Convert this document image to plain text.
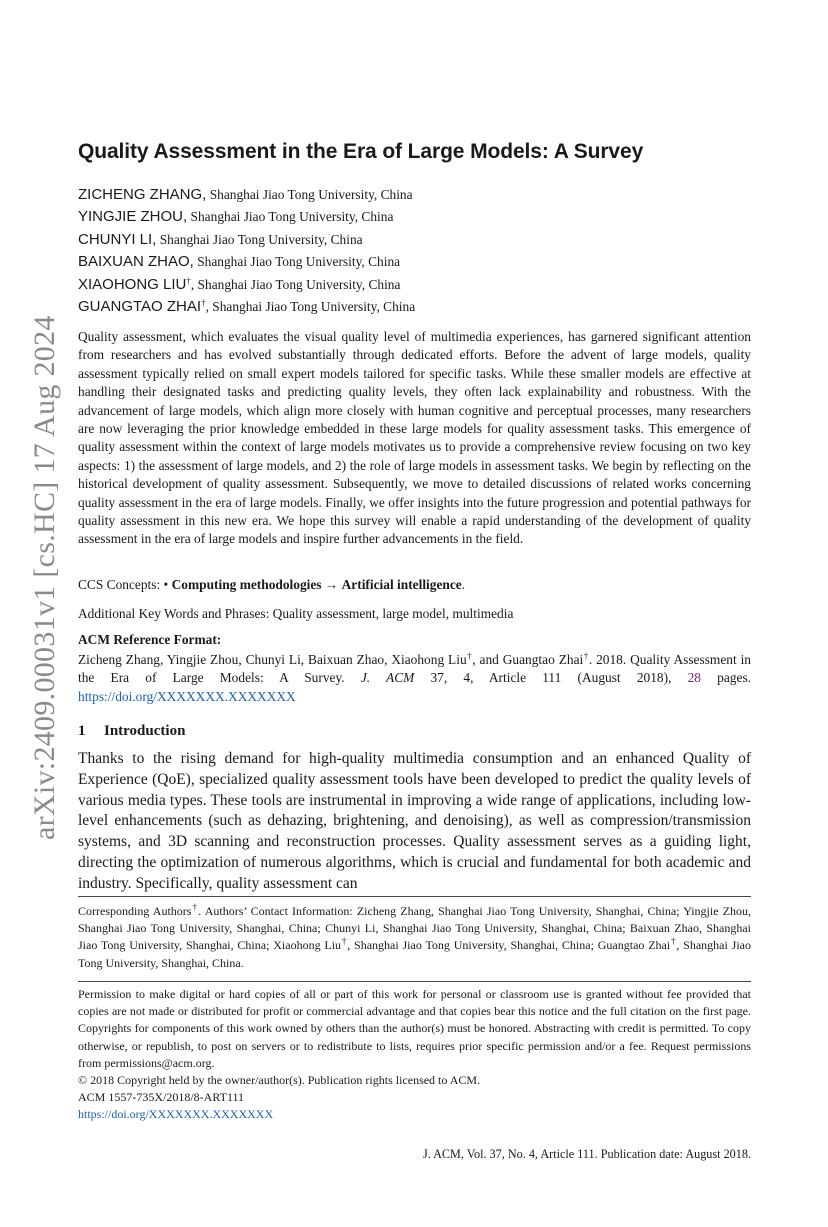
arXiv:2409.00031v1 [cs.HC] 17 Aug 2024
Quality Assessment in the Era of Large Models: A Survey
ZICHENG ZHANG, Shanghai Jiao Tong University, China
YINGJIE ZHOU, Shanghai Jiao Tong University, China
CHUNYI LI, Shanghai Jiao Tong University, China
BAIXUAN ZHAO, Shanghai Jiao Tong University, China
XIAOHONG LIU†, Shanghai Jiao Tong University, China
GUANGTAO ZHAI†, Shanghai Jiao Tong University, China
Quality assessment, which evaluates the visual quality level of multimedia experiences, has garnered significant attention from researchers and has evolved substantially through dedicated efforts. Before the advent of large models, quality assessment typically relied on small expert models tailored for specific tasks. While these smaller models are effective at handling their designated tasks and predicting quality levels, they often lack explainability and robustness. With the advancement of large models, which align more closely with human cognitive and perceptual processes, many researchers are now leveraging the prior knowledge embedded in these large models for quality assessment tasks. This emergence of quality assessment within the context of large models motivates us to provide a comprehensive review focusing on two key aspects: 1) the assessment of large models, and 2) the role of large models in assessment tasks. We begin by reflecting on the historical development of quality assessment. Subsequently, we move to detailed discussions of related works concerning quality assessment in the era of large models. Finally, we offer insights into the future progression and potential pathways for quality assessment in this new era. We hope this survey will enable a rapid understanding of the development of quality assessment in the era of large models and inspire further advancements in the field.
CCS Concepts: • Computing methodologies → Artificial intelligence.
Additional Key Words and Phrases: Quality assessment, large model, multimedia
ACM Reference Format:
Zicheng Zhang, Yingjie Zhou, Chunyi Li, Baixuan Zhao, Xiaohong Liu†, and Guangtao Zhai†. 2018. Quality Assessment in the Era of Large Models: A Survey. J. ACM 37, 4, Article 111 (August 2018), 28 pages. https://doi.org/XXXXXXX.XXXXXXX
1 Introduction
Thanks to the rising demand for high-quality multimedia consumption and an enhanced Quality of Experience (QoE), specialized quality assessment tools have been developed to predict the quality levels of various media types. These tools are instrumental in improving a wide range of applications, including low-level enhancements (such as dehazing, brightening, and denoising), as well as compression/transmission systems, and 3D scanning and reconstruction processes. Quality assessment serves as a guiding light, directing the optimization of numerous algorithms, which is crucial and fundamental for both academic and industry. Specifically, quality assessment can
Corresponding Authors†. Authors’ Contact Information: Zicheng Zhang, Shanghai Jiao Tong University, Shanghai, China; Yingjie Zhou, Shanghai Jiao Tong University, Shanghai, China; Chunyi Li, Shanghai Jiao Tong University, Shanghai, China; Baixuan Zhao, Shanghai Jiao Tong University, Shanghai, China; Xiaohong Liu†, Shanghai Jiao Tong University, Shanghai, China; Guangtao Zhai†, Shanghai Jiao Tong University, Shanghai, China.
Permission to make digital or hard copies of all or part of this work for personal or classroom use is granted without fee provided that copies are not made or distributed for profit or commercial advantage and that copies bear this notice and the full citation on the first page. Copyrights for components of this work owned by others than the author(s) must be honored. Abstracting with credit is permitted. To copy otherwise, or republish, to post on servers or to redistribute to lists, requires prior specific permission and/or a fee. Request permissions from permissions@acm.org.
© 2018 Copyright held by the owner/author(s). Publication rights licensed to ACM.
ACM 1557-735X/2018/8-ART111
https://doi.org/XXXXXXX.XXXXXXX
J. ACM, Vol. 37, No. 4, Article 111. Publication date: August 2018.
